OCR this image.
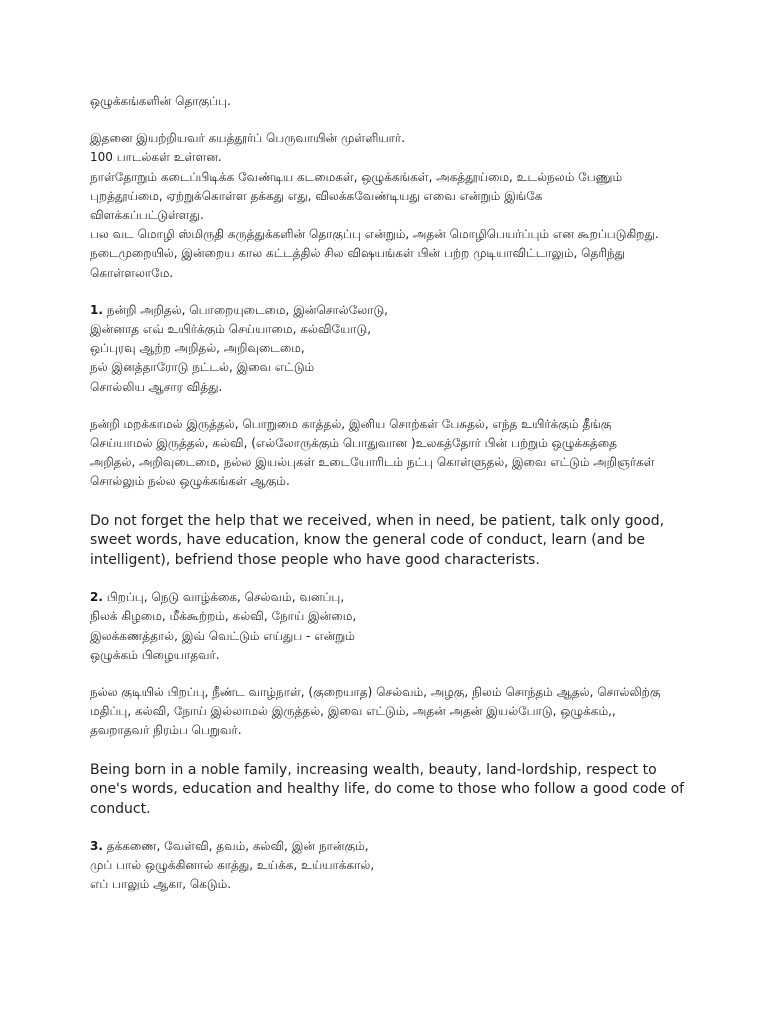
ஒழுக்கங்களின் தொகுப்பு.
இதனை இயற்றியவர் கயத்தூர்ப் பெருவாயின் முள்ளியார்.
100 பாடல்கள் உள்ளன.
நாள்தோறும் கடைப்பிடிக்க வேண்டிய கடமைகள், ஒழுக்கங்கள், அகத்தூய்மை, உடல்நலம் பேணும்
புறத்தூய்மை, ஏற்றுக்கொள்ள தக்கது எது, விலக்கவேண்டியது எவை என்றும் இங்கே
விளக்கப்பட்டுள்ளது.
பல வட மொழி ஸ்மிருதி கருத்துக்களின் தொகுப்பு என்றும், அதன் மொழிபெயர்ப்பும் என கூறப்படுகிறது.
நடைமுறையில், இன்றைய கால கட்டத்தில் சில விஷயங்கள் பின் பற்ற முடியாவிட்டாலும், தெரிந்து
கொள்ளலாமே.
1. நன்றி அறிதல், பொறையுடைமை, இன்சொல்லோடு,
இன்னாத எவ் உயிர்க்கும் செய்யாமை, கல்வியோடு,
ஒப்புரவு ஆற்ற அறிதல், அறிவுடைமை,
நல் இனத்தாரோடு நட்டல், இவை எட்டும்
சொல்லிய ஆசார வித்து.
நன்றி மறக்காமல் இருத்தல், பொறுமை காத்தல், இனிய சொற்கள் பேசுதல், எந்த உயிர்க்கும் தீங்கு
செய்யாமல் இருத்தல், கல்வி, (எல்லோருக்கும் பொதுவான )உலகத்தோர் பின் பற்றும் ஒழுக்கத்தை
அறிதல், அறிவுடைமை, நல்ல இயல்புகள் உடையோரிடம் நட்பு கொள்ளுதல், இவை எட்டும் அறிஞர்கள்
சொல்லும் நல்ல ஒழுக்கங்கள் ஆகும்.
Do not forget the help that we received, when in need, be patient, talk only good, sweet words, have education, know the general code of conduct, learn (and be intelligent), befriend those people who have good characterists.
2. பிறப்பு, நெடு வாழ்க்கை, செல்வம், வனப்பு,
நிலக் கிழமை, மீக்கூற்றம், கல்வி, நோய் இன்மை,
இலக்கணத்தால், இவ் வெட்டும் எய்துப - என்றும்
ஒழுக்கம் பிழையாதவர்.
நல்ல குடியில் பிறப்பு, நீண்ட வாழ்நாள், (குறையாத) செல்வம், அழகு, நிலம் சொந்தம் ஆதல், சொல்லிற்கு
மதிப்பு, கல்வி, நோய் இல்லாமல் இருத்தல், இவை எட்டும், அதன் அதன் இயல்போடு, ஒழுக்கம்,,
தவறாதவர் நிரம்ப பெறுவர்.
Being born in a noble family, increasing wealth, beauty, land-lordship, respect to one's words, education and healthy life, do come to those who follow a good code of conduct.
3. தக்கணை, வேள்வி, தவம், கல்வி, இன் நான்கும்,
முப் பால் ஒழுக்கினால் காத்து, உய்க்க, உய்யாக்கால்,
எப் பாலும் ஆகா, கெடும்.
